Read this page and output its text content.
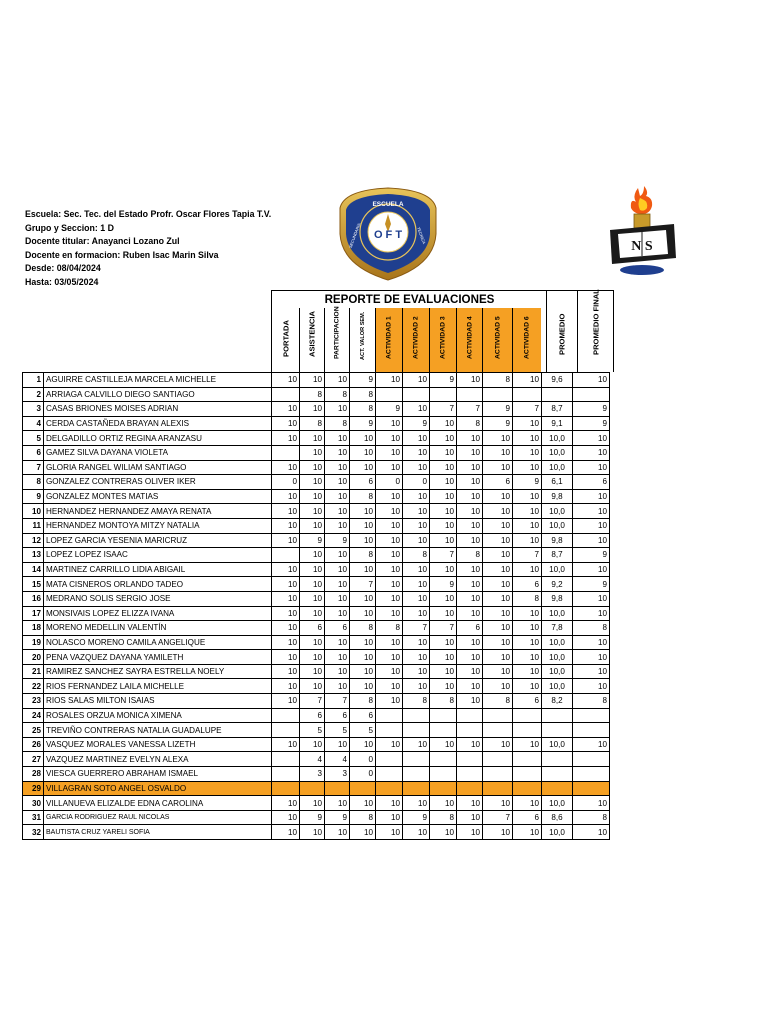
Escuela: Sec. Tec. del Estado Profr. Oscar Flores Tapia T.V.
Grupo y Seccion: 1 D
Docente titular: Anayanci Lozano Zul
Docente en formacion: Ruben Isac Marin Silva
Desde: 08/04/2024
Hasta: 03/05/2024
ESCUELA
SECUNDARIA	TECNICA
O F T
N S
REPORTE DE EVALUACIONES
PORTADA ASISTENCIA	PARTICIPACION	ACT. VALOR SEM.	ACTIVIDAD 1	ACTIVIDAD 2	ACTIVIDAD 3	ACTIVIDAD 4	ACTIVIDAD 5	ACTIVIDAD 6	PROMEDIO	PROMEDIO FINAL
1	AGUIRRE CASTILLEJA MARCELA MICHELLE	10	10	10	9	10	10	9	10	8	10	9,6	10
2	ARRIAGA CALVILLO DIEGO SANTIAGO		8	8	8								
3	CASAS BRIONES MOISES ADRIAN	10	10	10	8	9	10	7	7	9	7	8,7	9
4	CERDA CASTAÑEDA BRAYAN ALEXIS	10	8	8	9	10	9	10	8	9	10	9,1	9
5	DELGADILLO ORTIZ REGINA ARANZASU	10	10	10	10	10	10	10	10	10	10	10,0	10
6	GAMEZ SILVA DAYANA VIOLETA		10	10	10	10	10	10	10	10	10	10,0	10
7	GLORIA RANGEL WILIAM SANTIAGO	10	10	10	10	10	10	10	10	10	10	10,0	10
8	GONZALEZ CONTRERAS OLIVER IKER	0	10	10	6	0	0	10	10	6	9	6,1	6
9	GONZALEZ MONTES MATIAS	10	10	10	8	10	10	10	10	10	10	9,8	10
10	HERNANDEZ HERNANDEZ AMAYA RENATA	10	10	10	10	10	10	10	10	10	10	10,0	10
11	HERNANDEZ MONTOYA MITZY NATALIA	10	10	10	10	10	10	10	10	10	10	10,0	10
12	LOPEZ GARCIA YESENIA MARICRUZ	10	9	9	10	10	10	10	10	10	10	9,8	10
13	LOPEZ LOPEZ ISAAC		10	10	8	10	8	7	8	10	7	8,7	9
14	MARTINEZ CARRILLO LIDIA ABIGAIL	10	10	10	10	10	10	10	10	10	10	10,0	10
15	MATA CISNEROS ORLANDO TADEO	10	10	10	7	10	10	9	10	10	6	9,2	9
16	MEDRANO SOLIS SERGIO JOSE	10	10	10	10	10	10	10	10	10	8	9,8	10
17	MONSIVAIS LOPEZ ELIZZA IVANA	10	10	10	10	10	10	10	10	10	10	10,0	10
18	MORENO MEDELLIN VALENTÍN	10	6	6	8	8	7	7	6	10	10	7,8	8
19	NOLASCO MORENO CAMILA ANGELIQUE	10	10	10	10	10	10	10	10	10	10	10,0	10
20	PENA VAZQUEZ DAYANA YAMILETH	10	10	10	10	10	10	10	10	10	10	10,0	10
21	RAMIREZ SANCHEZ SAYRA ESTRELLA NOELY	10	10	10	10	10	10	10	10	10	10	10,0	10
22	RIOS FERNANDEZ LAILA MICHELLE	10	10	10	10	10	10	10	10	10	10	10,0	10
23	RIOS SALAS MILTON ISAIAS	10	7	7	8	10	8	8	10	8	6	8,2	8
24	ROSALES ORZUA MONICA XIMENA		6	6	6								
25	TREVIÑO CONTRERAS NATALIA GUADALUPE		5	5	5								
26	VASQUEZ MORALES VANESSA LIZETH	10	10	10	10	10	10	10	10	10	10	10,0	10
27	VAZQUEZ MARTINEZ EVELYN ALEXA		4	4	0								
28	VIESCA GUERRERO ABRAHAM ISMAEL		3	3	0								
29	VILLAGRAN SOTO ANGEL OSVALDO												
30	VILLANUEVA ELIZALDE EDNA CAROLINA	10	10	10	10	10	10	10	10	10	10	10,0	10
31	GARCIA RODRIGUEZ RAUL NICOLAS	10	9	9	8	10	9	8	10	7	6	8,6	8
32	BAUTISTA CRUZ YARELI SOFIA	10	10	10	10	10	10	10	10	10	10	10,0	10
